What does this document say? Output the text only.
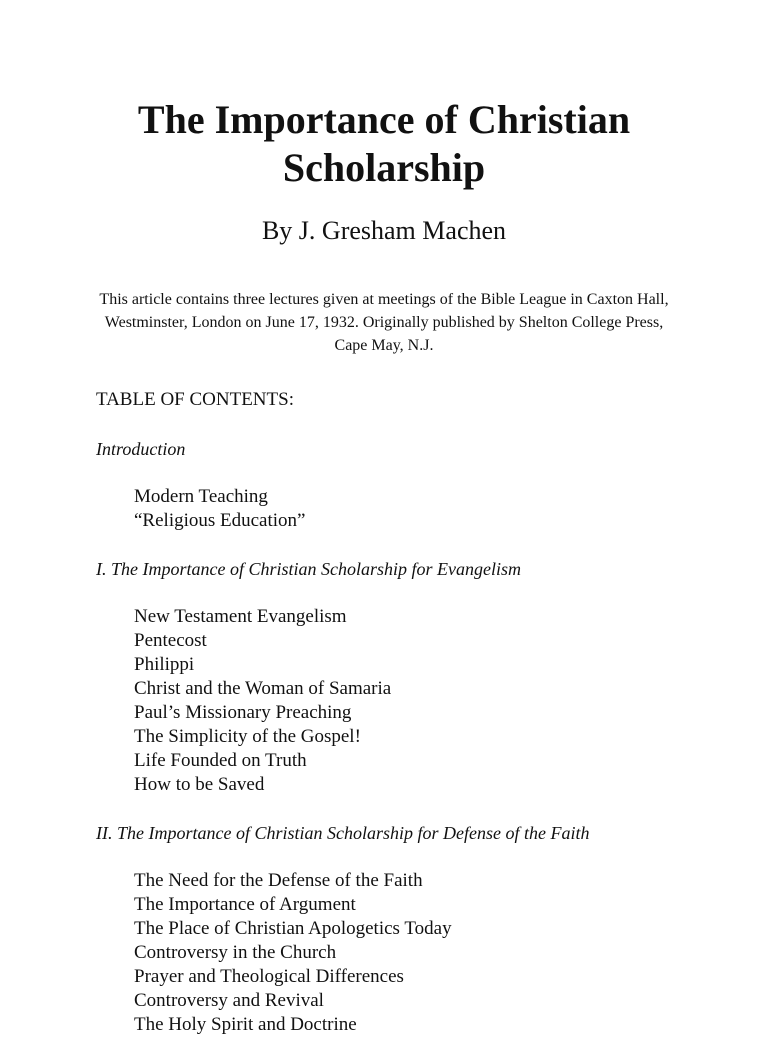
The Importance of Christian Scholarship
By J. Gresham Machen
This article contains three lectures given at meetings of the Bible League in Caxton Hall, Westminster, London on June 17, 1932. Originally published by Shelton College Press, Cape May, N.J.
TABLE OF CONTENTS:
Introduction
Modern Teaching
“Religious Education”
I. The Importance of Christian Scholarship for Evangelism
New Testament Evangelism
Pentecost
Philippi
Christ and the Woman of Samaria
Paul’s Missionary Preaching
The Simplicity of the Gospel!
Life Founded on Truth
How to be Saved
II. The Importance of Christian Scholarship for Defense of the Faith
The Need for the Defense of the Faith
The Importance of Argument
The Place of Christian Apologetics Today
Controversy in the Church
Prayer and Theological Differences
Controversy and Revival
The Holy Spirit and Doctrine
